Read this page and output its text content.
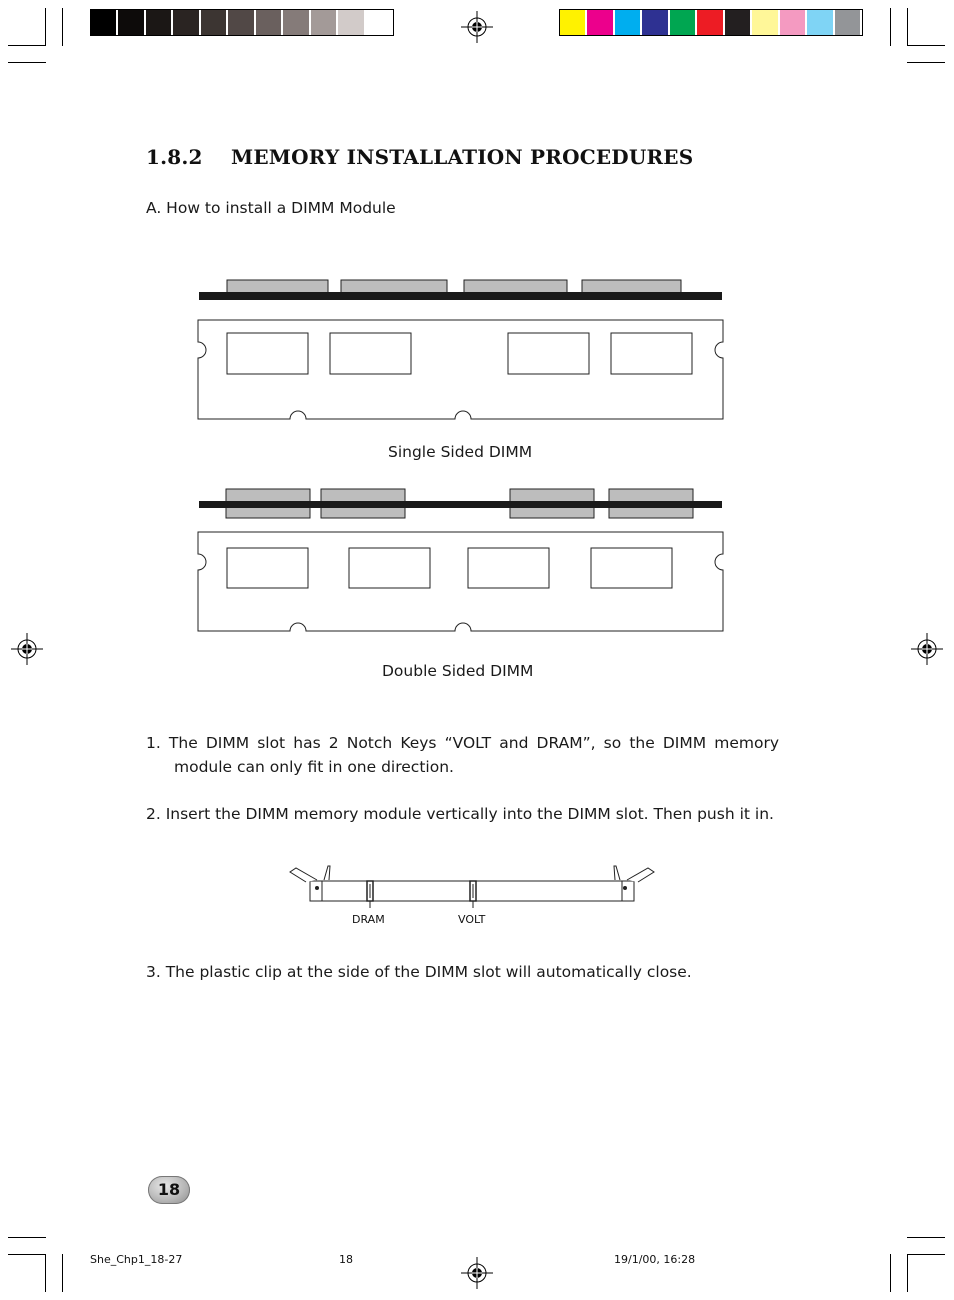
1.8.2 MEMORY INSTALLATION PROCEDURES
A. How to install a DIMM Module
Single Sided DIMM
Double Sided DIMM
1. The DIMM slot has 2 Notch Keys “VOLT and DRAM”, so the DIMM memory
module can only fit in one direction.
2. Insert the DIMM memory module vertically into the DIMM slot. Then push it in.
DRAM	VOLT
3. The plastic clip at the side of the DIMM slot will automatically close.
18
She_Chp1_18-27	18	19/1/00, 16:28
